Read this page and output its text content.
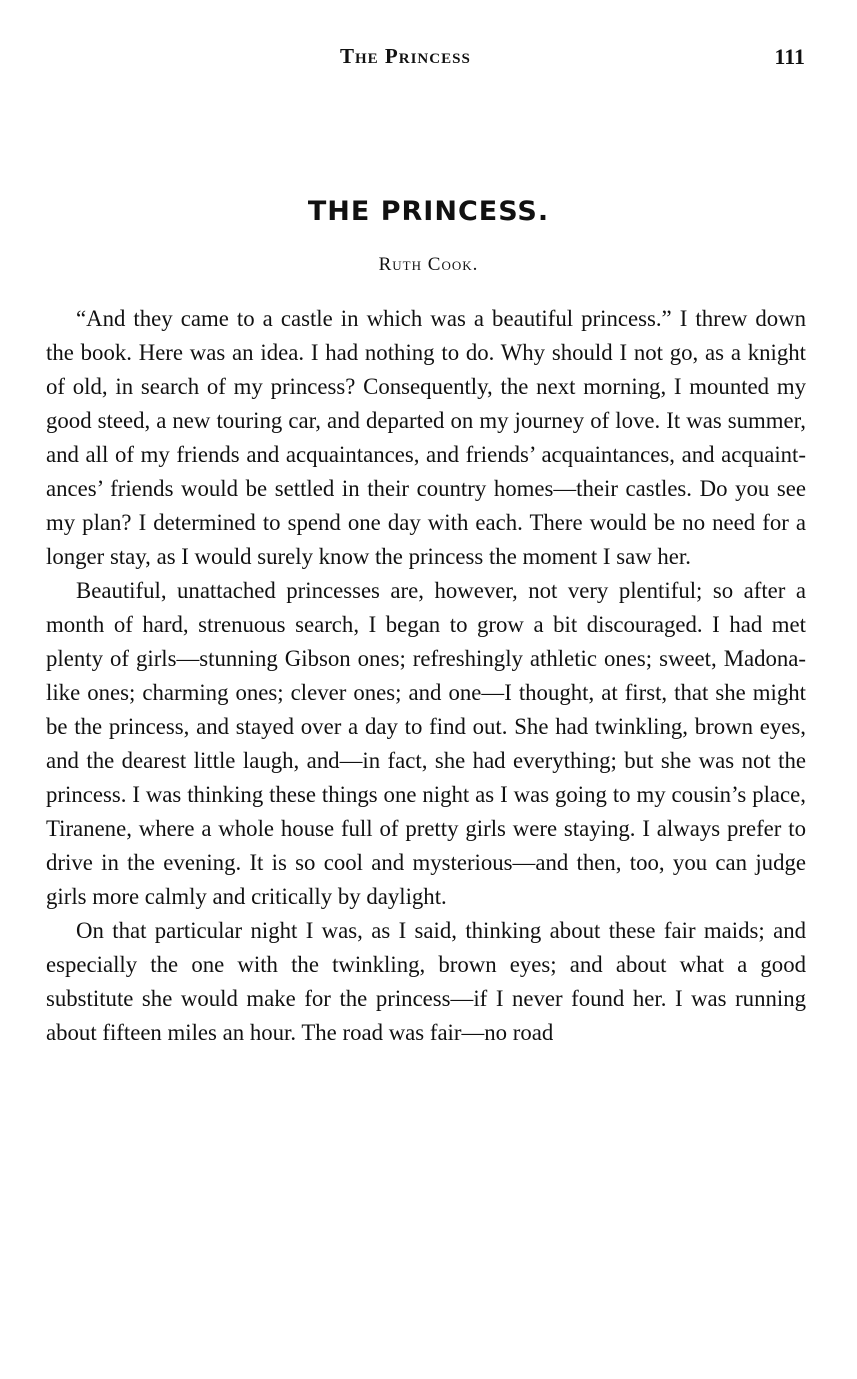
The Princess	111
THE PRINCESS.
Ruth Cook.

“And they came to a castle in which was a beautiful princess.” I threw down the book. Here was an idea. I had nothing to do. Why should I not go, as a knight of old, in search of my princess? Consequently, the next morning, I mounted my good steed, a new touring car, and departed on my journey of love. It was summer, and all of my friends and acquaintances, and friends’ acquaintances, and acquaintances’ friends would be settled in their country homes—their castles. Do you see my plan? I determined to spend one day with each. There would be no need for a longer stay, as I would surely know the princess the moment I saw her.

Beautiful, unattached princesses are, however, not very plentiful; so after a month of hard, strenuous search, I began to grow a bit discouraged. I had met plenty of girls—stunning Gibson ones; refreshingly athletic ones; sweet, Madona-like ones; charming ones; clever ones; and one—I thought, at first, that she might be the princess, and stayed over a day to find out. She had twinkling, brown eyes, and the dearest little laugh, and—in fact, she had everything; but she was not the princess. I was thinking these things one night as I was going to my cousin’s place, Tiranene, where a whole house full of pretty girls were staying. I always prefer to drive in the evening. It is so cool and mysterious—and then, too, you can judge girls more calmly and critically by daylight.

On that particular night I was, as I said, thinking about these fair maids; and especially the one with the twinkling, brown eyes; and about what a good substitute she would make for the princess—if I never found her. I was running about fifteen miles an hour. The road was fair—no road
